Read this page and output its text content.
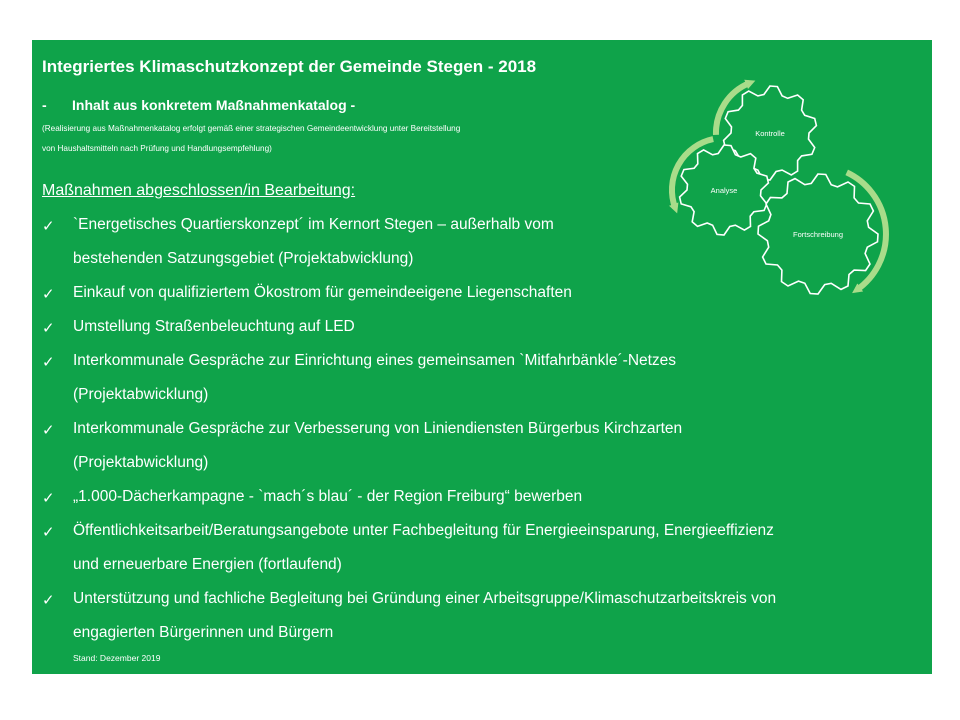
Integriertes Klimaschutzkonzept der Gemeinde Stegen - 2018
- Inhalt aus konkretem Maßnahmenkatalog -
(Realisierung aus Maßnahmenkatalog erfolgt gemäß einer strategischen Gemeindeentwicklung unter Bereitstellung
von Haushaltsmitteln nach Prüfung und Handlungsempfehlung)
Maßnahmen abgeschlossen/in Bearbeitung:
✓ `Energetisches Quartierskonzept´ im Kernort Stegen – außerhalb vom
bestehenden Satzungsgebiet (Projektabwicklung)
✓ Einkauf von qualifiziertem Ökostrom für gemeindeeigene Liegenschaften
✓ Umstellung Straßenbeleuchtung auf LED
✓ Interkommunale Gespräche zur Einrichtung eines gemeinsamen `Mitfahrbänkle´-Netzes
(Projektabwicklung)
✓ Interkommunale Gespräche zur Verbesserung von Liniendiensten Bürgerbus Kirchzarten
(Projektabwicklung)
✓ „1.000-Dächerkampagne - `mach´s blau´ - der Region Freiburg“ bewerben
✓ Öffentlichkeitsarbeit/Beratungsangebote unter Fachbegleitung für Energieeinsparung, Energieeffizienz
und erneuerbare Energien (fortlaufend)
✓ Unterstützung und fachliche Begleitung bei Gründung einer Arbeitsgruppe/Klimaschutzarbeitskreis von
engagierten Bürgerinnen und Bürgern
Stand: Dezember 2019
Kontrolle
Analyse
Fortschreibung
